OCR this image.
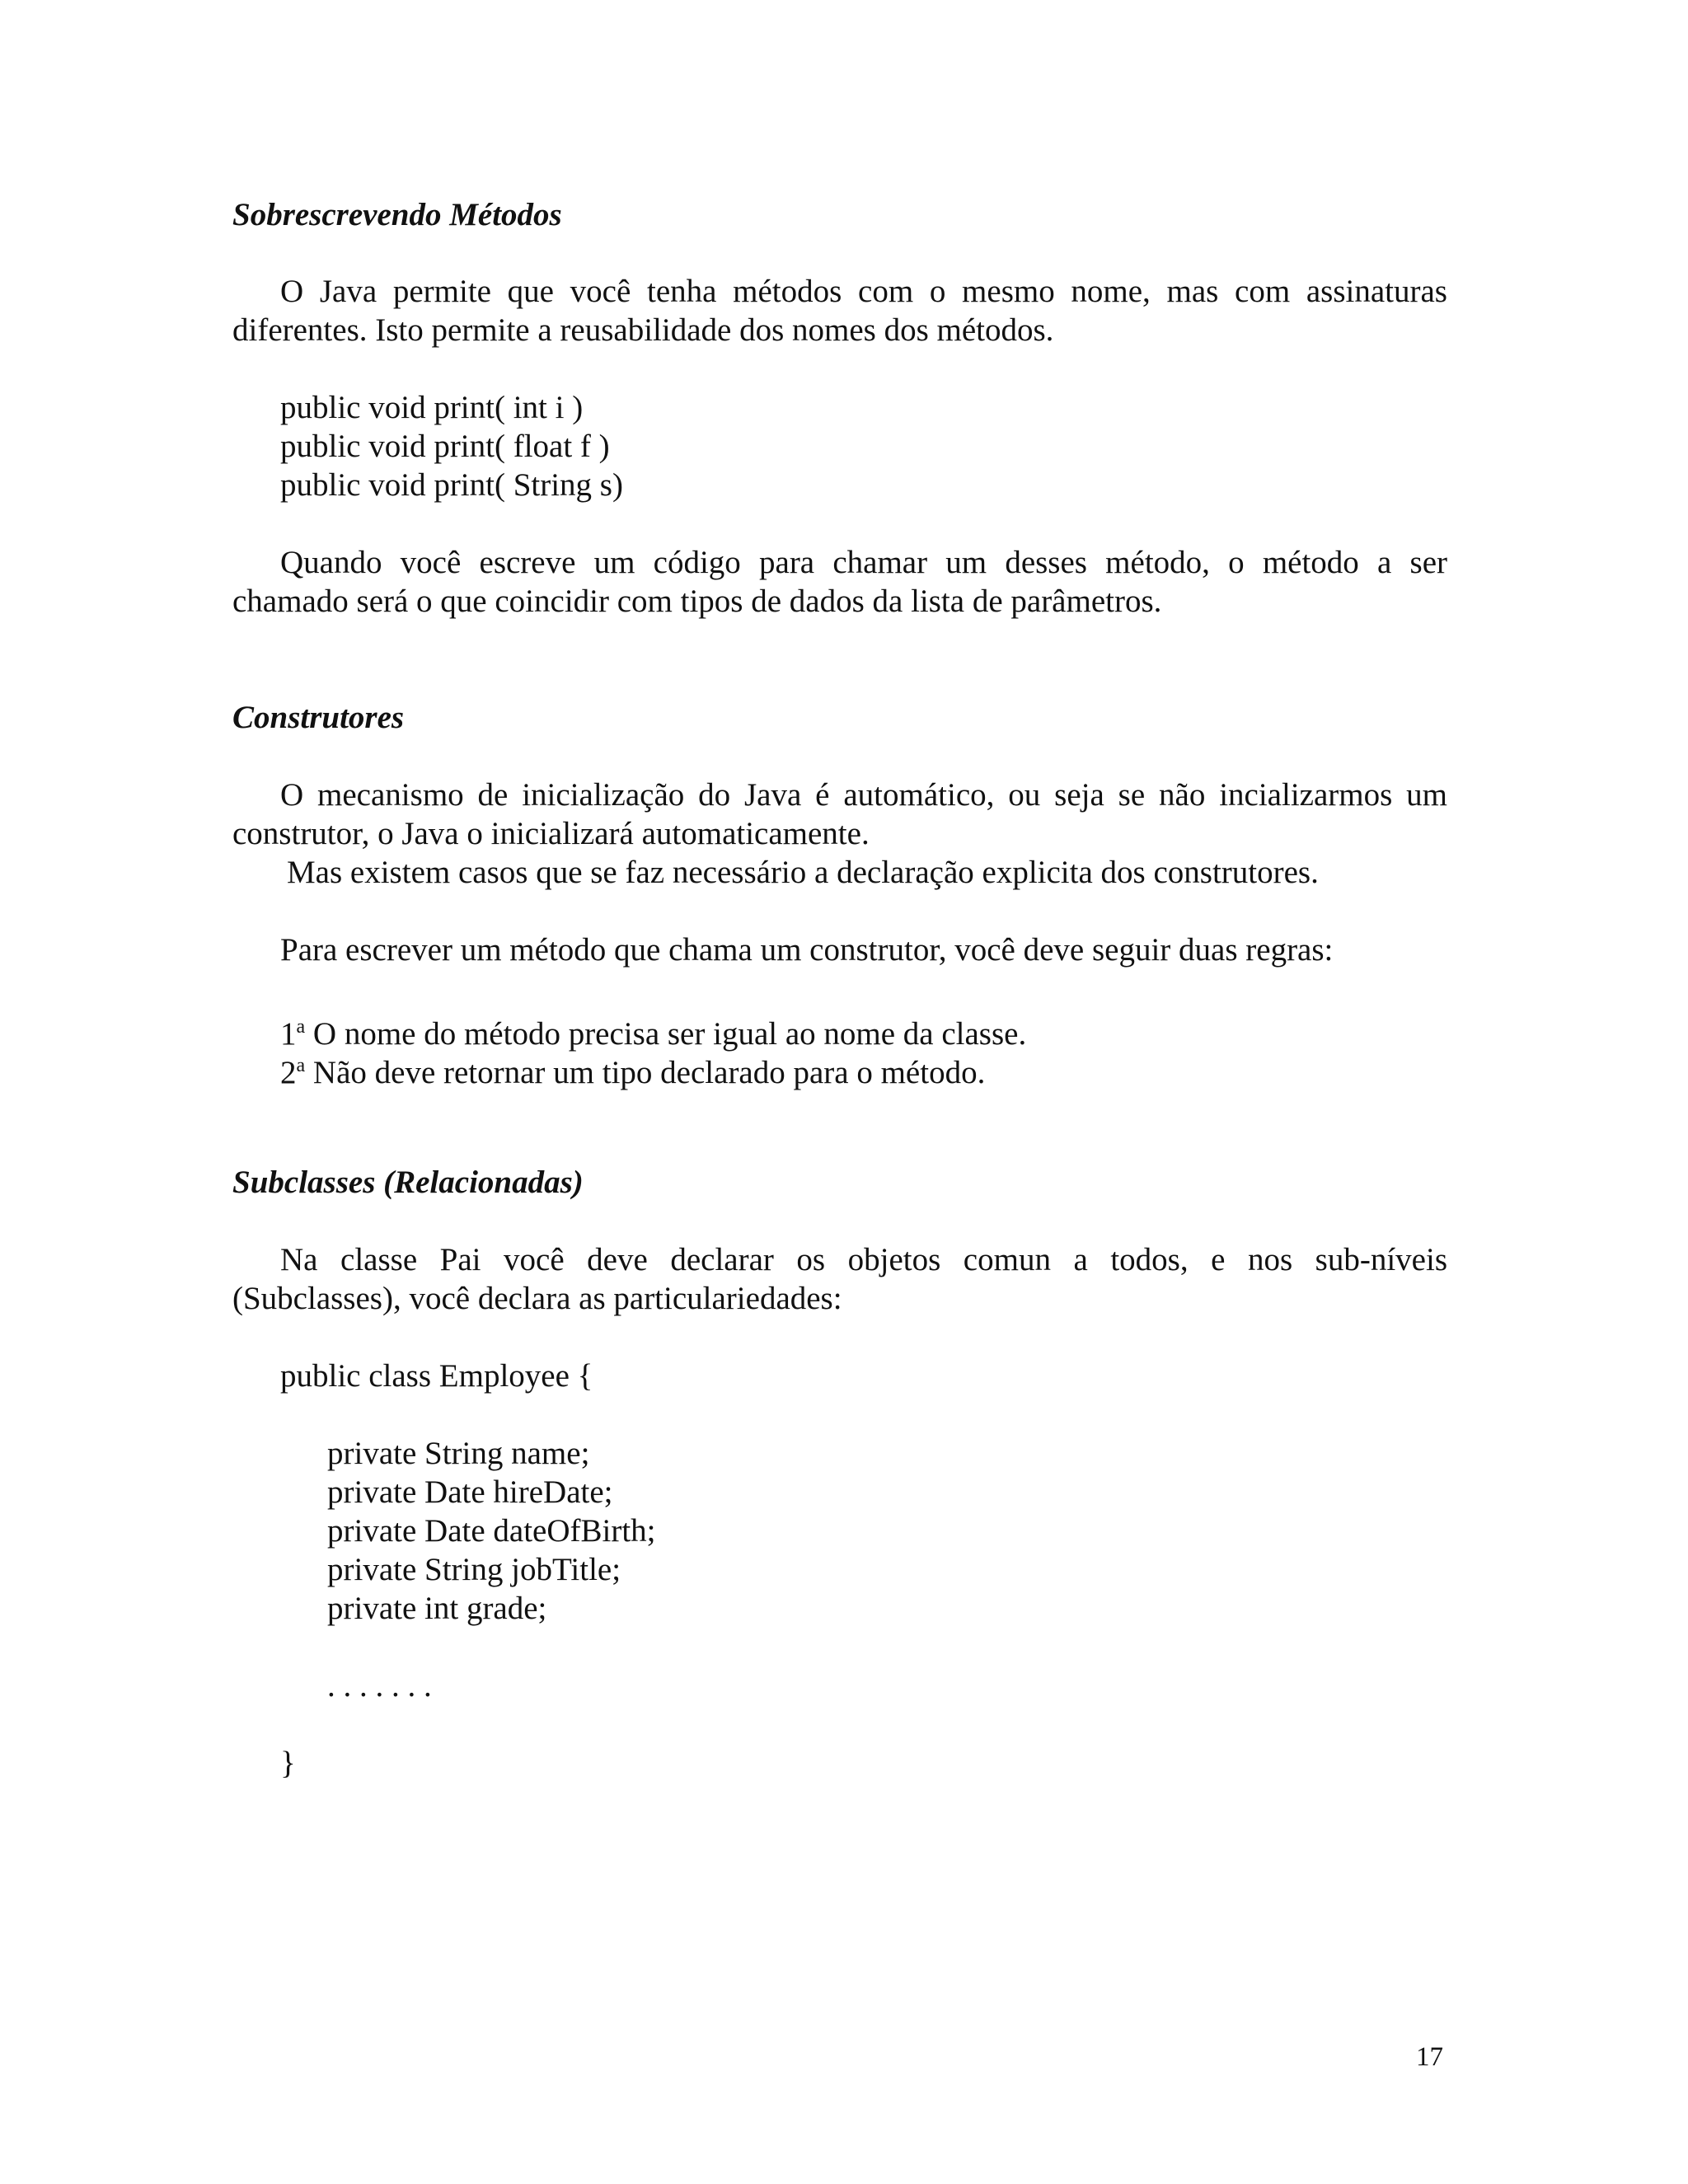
Sobrescrevendo Métodos
O Java permite que você tenha métodos com o mesmo nome, mas com assinaturas
diferentes. Isto permite a reusabilidade dos nomes dos métodos.
public void print( int i )
public void print( float f )
public void print( String s)
Quando você escreve um código para chamar um desses método, o método a ser
chamado será o que coincidir com tipos de dados da lista de parâmetros.
Construtores
O mecanismo de inicialização do Java é automático, ou seja se não incializarmos um
construtor, o Java o inicializará automaticamente.
Mas existem casos que se faz necessário a declaração explicita dos construtores.
Para escrever um método que chama um construtor, você deve seguir duas regras:
1$^a$ O nome do método precisa ser igual ao nome da classe.
2$^a$ Não deve retornar um tipo declarado para o método.
Subclasses (Relacionadas)
Na classe Pai você deve declarar os objetos comun a todos, e nos sub-níveis
(Subclasses), você declara as particulariedades:
public class Employee {
private String name;
private Date hireDate;
private Date dateOfBirth;
private String jobTitle;
private int grade;
. . . . . . .
}
17
